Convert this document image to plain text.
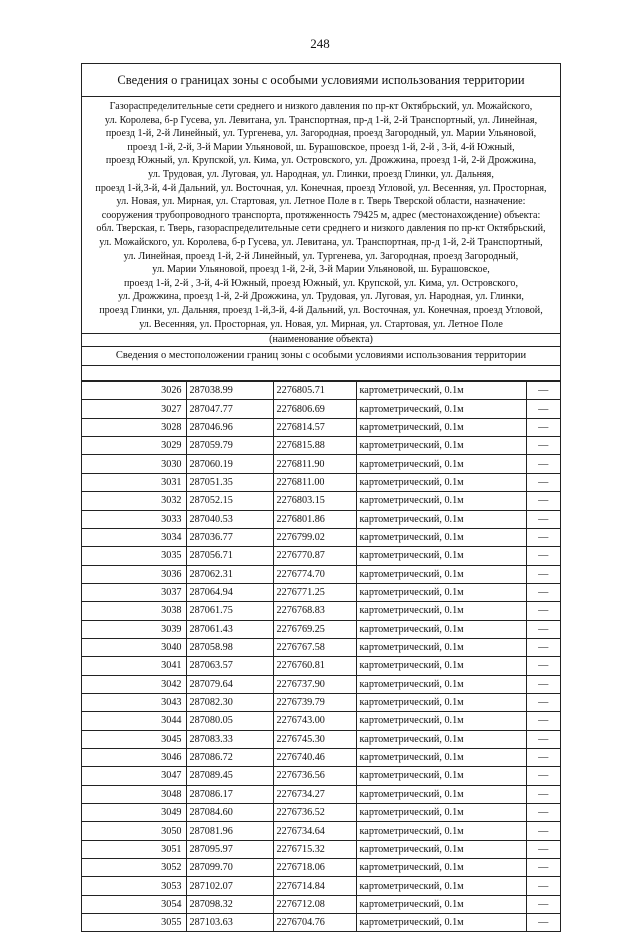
248
Сведения о границах зоны с особыми условиями использования территории
Газораспределительные сети среднего и низкого давления по пр-кт Октябрьский, ул. Можайского,
ул. Королева, б-р Гусева, ул. Левитана, ул. Транспортная, пр-д 1-й, 2-й Транспортный, ул. Линейная,
проезд 1-й, 2-й Линейный, ул. Тургенева, ул. Загородная, проезд Загородный, ул. Марии Ульяновой,
проезд 1-й, 2-й, 3-й Марии Ульяновой, ш. Бурашовское, проезд 1-й, 2-й , 3-й, 4-й Южный,
проезд Южный, ул. Крупской, ул. Кима, ул. Островского, ул. Дрожжина, проезд 1-й, 2-й Дрожжина,
ул. Трудовая, ул. Луговая, ул. Народная, ул. Глинки, проезд Глинки, ул. Дальняя,
проезд 1-й,3-й, 4-й Дальний, ул. Восточная, ул. Конечная, проезд Угловой, ул. Весенняя, ул. Просторная,
ул. Новая, ул. Мирная, ул. Стартовая, ул. Летное Поле в г. Тверь Тверской области, назначение:
сооружения трубопроводного транспорта, протяженность 79425 м, адрес (местонахождение) объекта:
обл. Тверская, г. Тверь, газораспределительные сети среднего и низкого давления по пр-кт Октябрьский,
ул. Можайского, ул. Королева, б-р Гусева, ул. Левитана, ул. Транспортная, пр-д 1-й, 2-й Транспортный,
ул. Линейная, проезд 1-й, 2-й Линейный, ул. Тургенева, ул. Загородная, проезд Загородный,
ул. Марии Ульяновой, проезд 1-й, 2-й, 3-й Марии Ульяновой, ш. Бурашовское,
проезд 1-й, 2-й , 3-й, 4-й Южный, проезд Южный, ул. Крупской, ул. Кима, ул. Островского,
ул. Дрожжина, проезд 1-й, 2-й Дрожжина, ул. Трудовая, ул. Луговая, ул. Народная, ул. Глинки,
проезд Глинки, ул. Дальняя, проезд 1-й,3-й, 4-й Дальний, ул. Восточная, ул. Конечная, проезд Угловой,
ул. Весенняя, ул. Просторная, ул. Новая, ул. Мирная, ул. Стартовая, ул. Летное Поле
(наименование объекта)
Сведения о местоположении границ зоны с особыми условиями использования территории
3026	287038.99	2276805.71	картометрический, 0.1м	—
3027	287047.77	2276806.69	картометрический, 0.1м	—
3028	287046.96	2276814.57	картометрический, 0.1м	—
3029	287059.79	2276815.88	картометрический, 0.1м	—
3030	287060.19	2276811.90	картометрический, 0.1м	—
3031	287051.35	2276811.00	картометрический, 0.1м	—
3032	287052.15	2276803.15	картометрический, 0.1м	—
3033	287040.53	2276801.86	картометрический, 0.1м	—
3034	287036.77	2276799.02	картометрический, 0.1м	—
3035	287056.71	2276770.87	картометрический, 0.1м	—
3036	287062.31	2276774.70	картометрический, 0.1м	—
3037	287064.94	2276771.25	картометрический, 0.1м	—
3038	287061.75	2276768.83	картометрический, 0.1м	—
3039	287061.43	2276769.25	картометрический, 0.1м	—
3040	287058.98	2276767.58	картометрический, 0.1м	—
3041	287063.57	2276760.81	картометрический, 0.1м	—
3042	287079.64	2276737.90	картометрический, 0.1м	—
3043	287082.30	2276739.79	картометрический, 0.1м	—
3044	287080.05	2276743.00	картометрический, 0.1м	—
3045	287083.33	2276745.30	картометрический, 0.1м	—
3046	287086.72	2276740.46	картометрический, 0.1м	—
3047	287089.45	2276736.56	картометрический, 0.1м	—
3048	287086.17	2276734.27	картометрический, 0.1м	—
3049	287084.60	2276736.52	картометрический, 0.1м	—
3050	287081.96	2276734.64	картометрический, 0.1м	—
3051	287095.97	2276715.32	картометрический, 0.1м	—
3052	287099.70	2276718.06	картометрический, 0.1м	—
3053	287102.07	2276714.84	картометрический, 0.1м	—
3054	287098.32	2276712.08	картометрический, 0.1м	—
3055	287103.63	2276704.76	картометрический, 0.1м	—
